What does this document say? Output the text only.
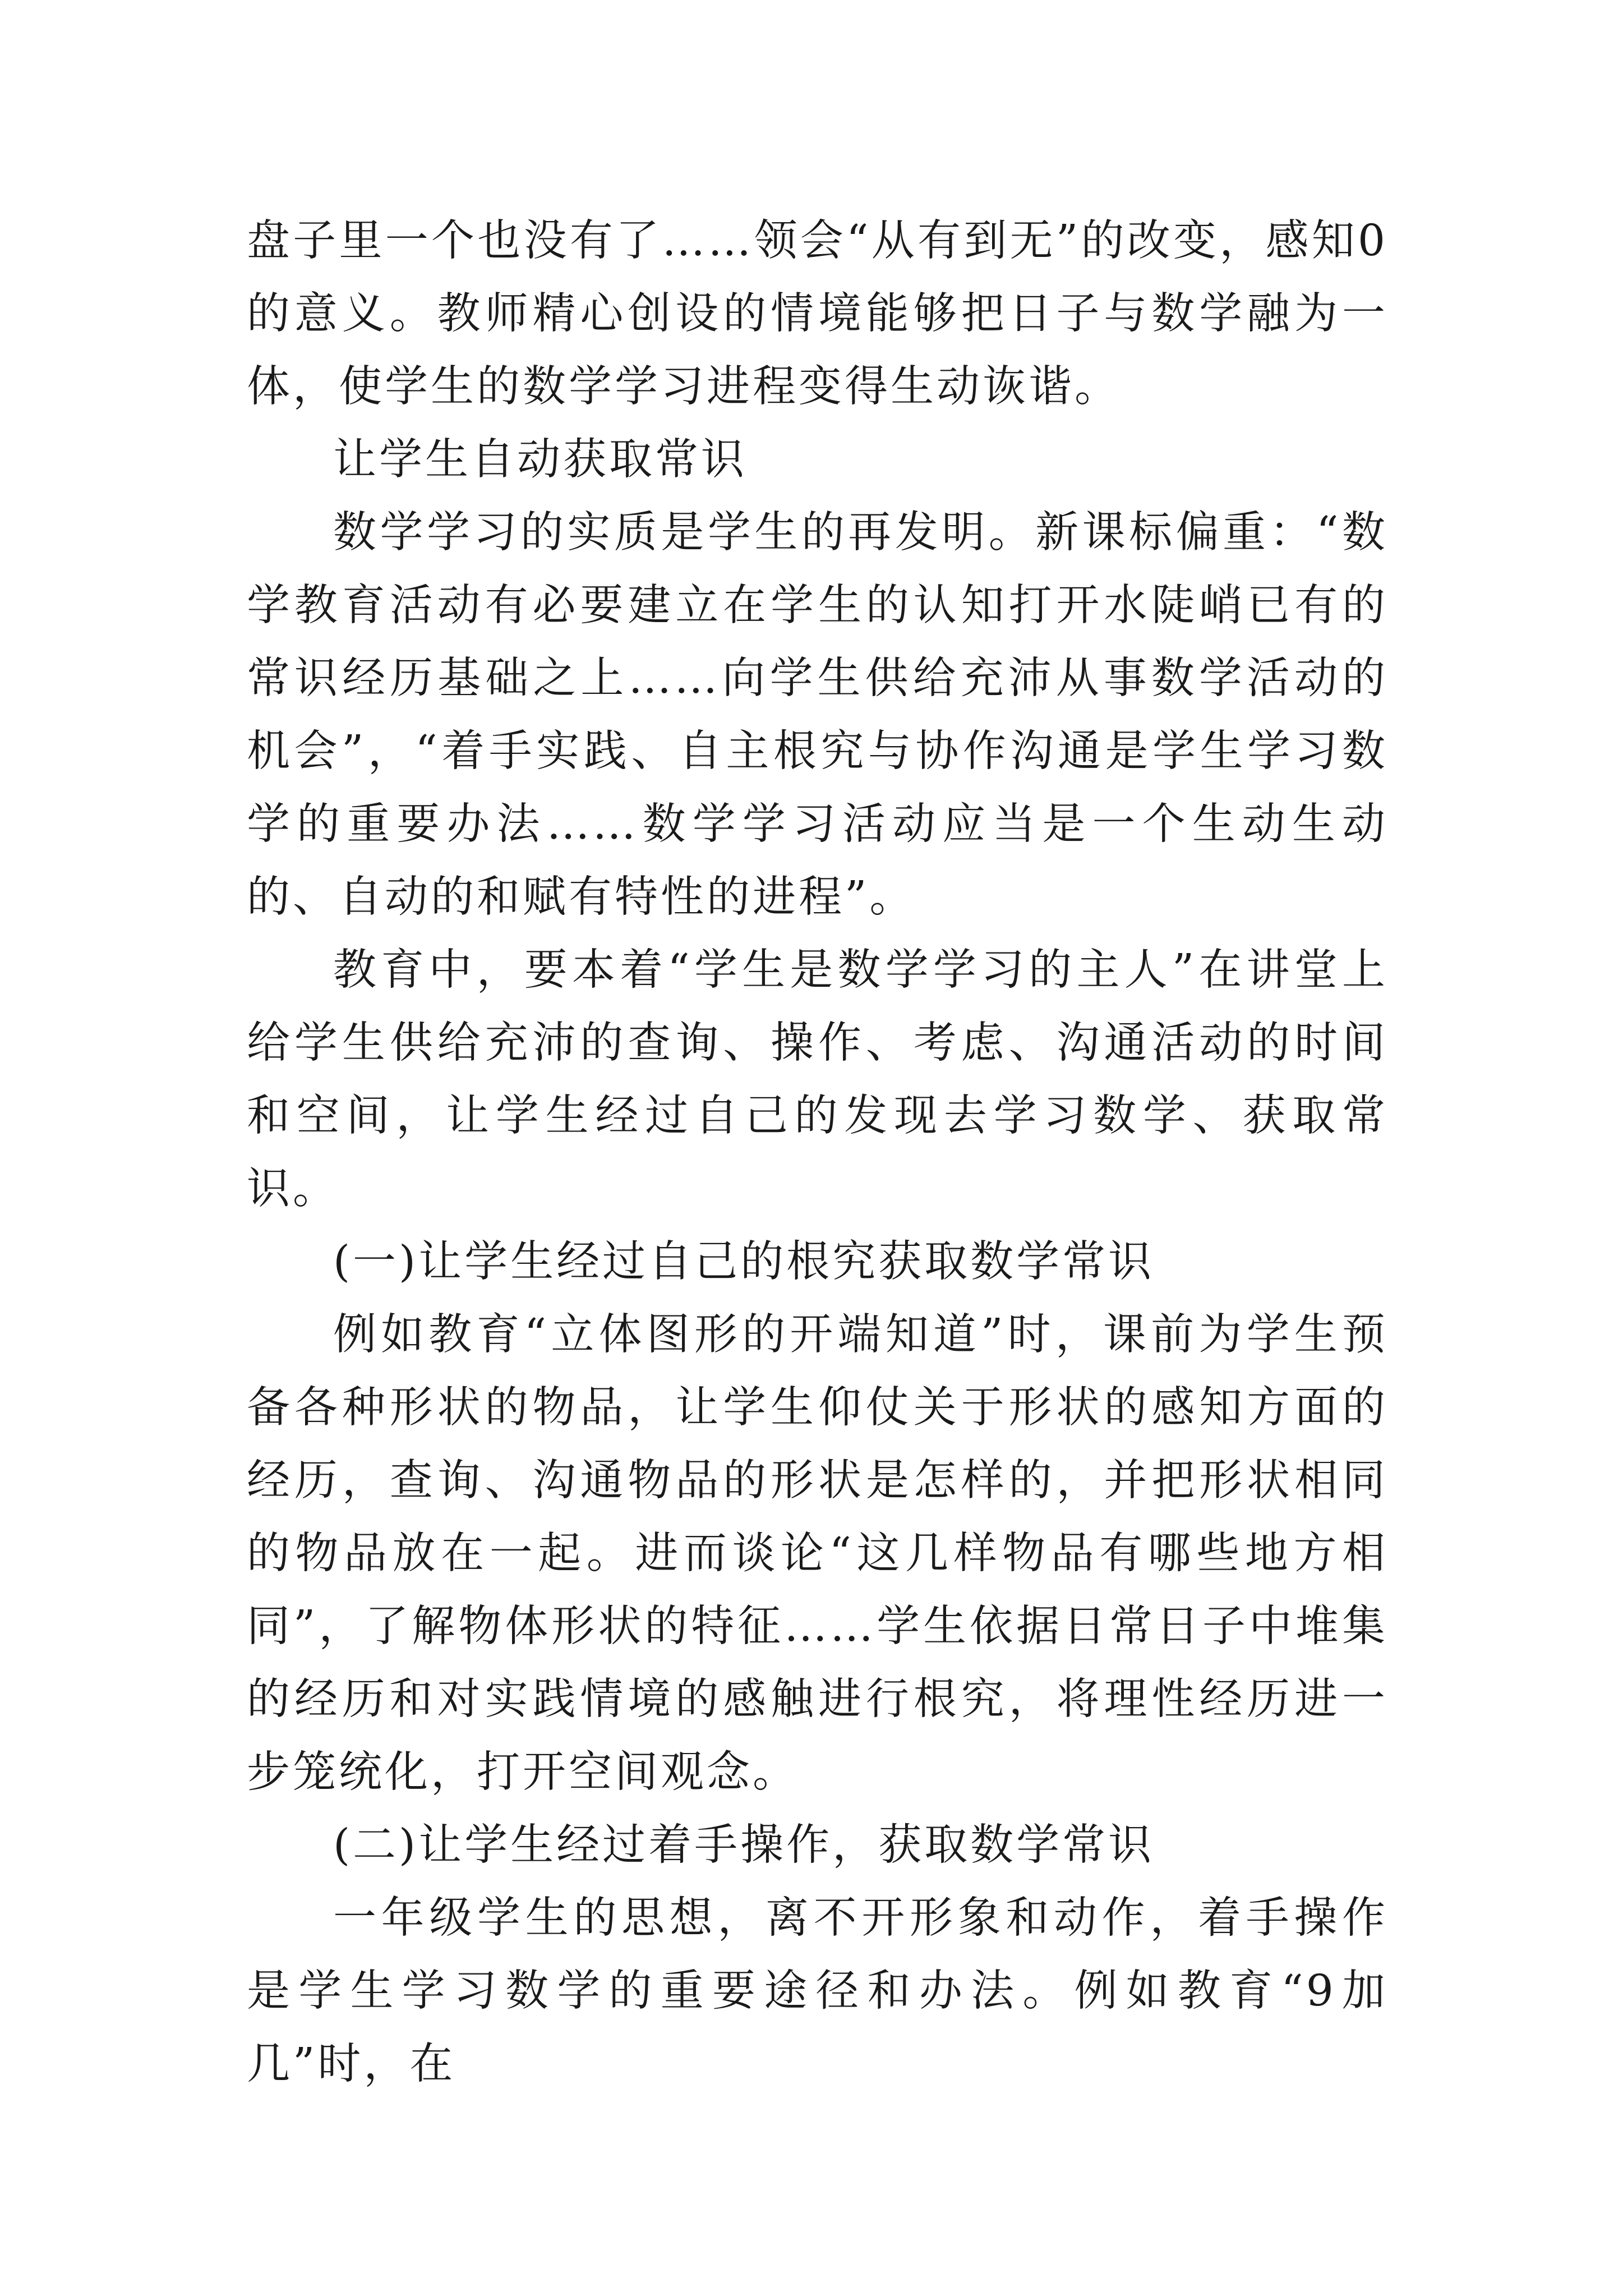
盘子里一个也没有了……领会“从有到无”的改变，感知0的意义。教师精心创设的情境能够把日子与数学融为一体，使学生的数学学习进程变得生动诙谐。

让学生自动获取常识

数学学习的实质是学生的再发明。新课标偏重：“数学教育活动有必要建立在学生的认知打开水陡峭已有的常识经历基础之上……向学生供给充沛从事数学活动的机会”，“着手实践、自主根究与协作沟通是学生学习数学的重要办法……数学学习活动应当是一个生动生动的、自动的和赋有特性的进程”。

教育中，要本着“学生是数学学习的主人”在讲堂上给学生供给充沛的查询、操作、考虑、沟通活动的时间和空间，让学生经过自己的发现去学习数学、获取常识。

(一)让学生经过自己的根究获取数学常识

例如教育“立体图形的开端知道”时，课前为学生预备各种形状的物品，让学生仰仗关于形状的感知方面的经历，查询、沟通物品的形状是怎样的，并把形状相同的物品放在一起。进而谈论“这几样物品有哪些地方相同”，了解物体形状的特征……学生依据日常日子中堆集的经历和对实践情境的感触进行根究，将理性经历进一步笼统化，打开空间观念。

(二)让学生经过着手操作，获取数学常识

一年级学生的思想，离不开形象和动作，着手操作是学生学习数学的重要途径和办法。例如教育“9加几”时，在
